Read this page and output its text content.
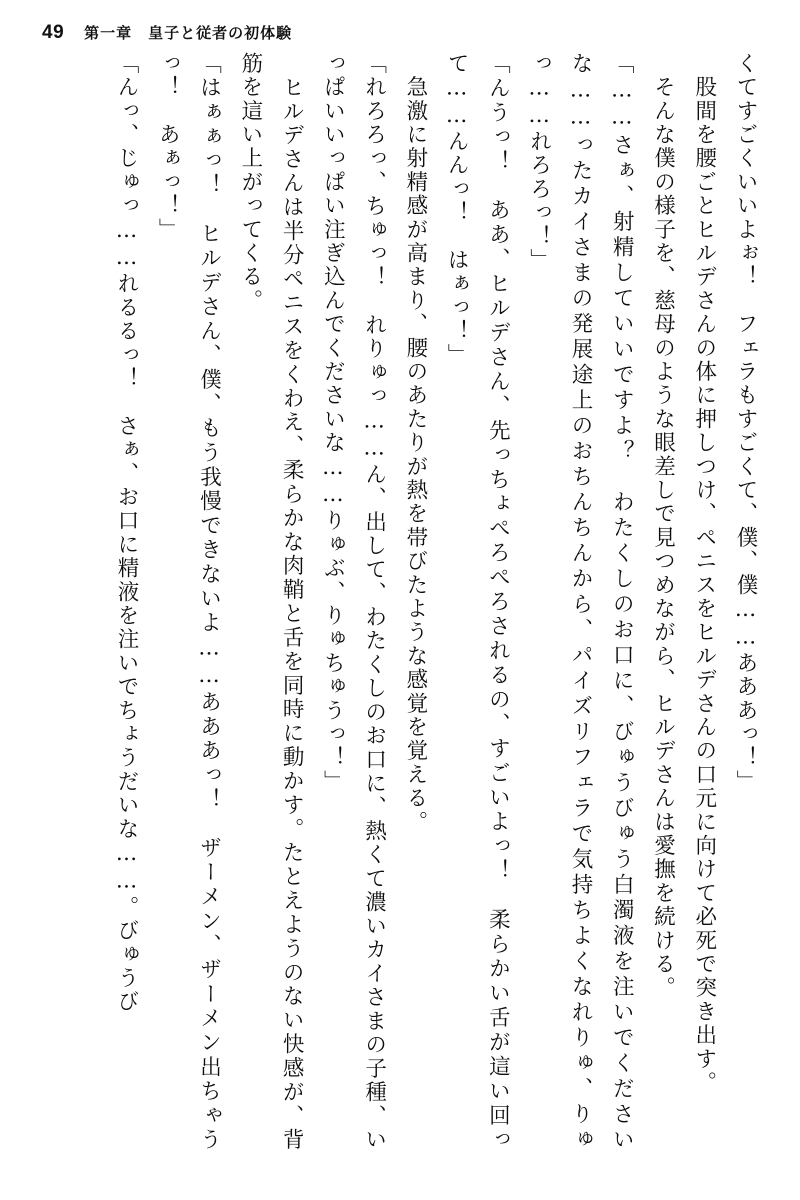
49 第一章　皇子と従者の初体験

くてすごくいいよぉ！　フェラもすごくて、僕、僕……あああっ！」

　股間を腰ごとヒルデさんの体に押しつけ、ペニスをヒルデさんの口元に向けて必死で突き出す。

　そんな僕の様子を、慈母のような眼差しで見つめながら、ヒルデさんは愛撫を続ける。

「……さぁ、射精していいですよ？　わたくしのお口に、びゅうびゅう白濁液を注いでくださいな……ったカイさまの発展途上のおちんちんから、パイズリフェラで気持ちよくなれりゅ、りゅっ……れろろっ！」

「んうっ！　ああ、ヒルデさん、先っちょぺろぺろされるの、すごいよっ！　柔らかい舌が這い回って……んんっ！　はぁっ！」

　急激に射精感が高まり、腰のあたりが熱を帯びたような感覚を覚える。

「れろろっ、ちゅっ！　れりゅっ……ん、出して、わたくしのお口に、熱くて濃いカイさまの子種、いっぱいいっぱい注ぎ込んでくださいな……りゅぶ、りゅちゅうっ！」

　ヒルデさんは半分ペニスをくわえ、柔らかな肉鞘と舌を同時に動かす。たとえようのない快感が、背筋を這い上がってくる。

「はぁぁっ！　ヒルデさん、僕、もう我慢できないよ……あああっ！　ザーメン、ザーメン出ちゃうっ！　あぁっ！」

「んっ、じゅっ……れるるっ！　さぁ、お口に精液を注いでちょうだいな……。びゅうび
